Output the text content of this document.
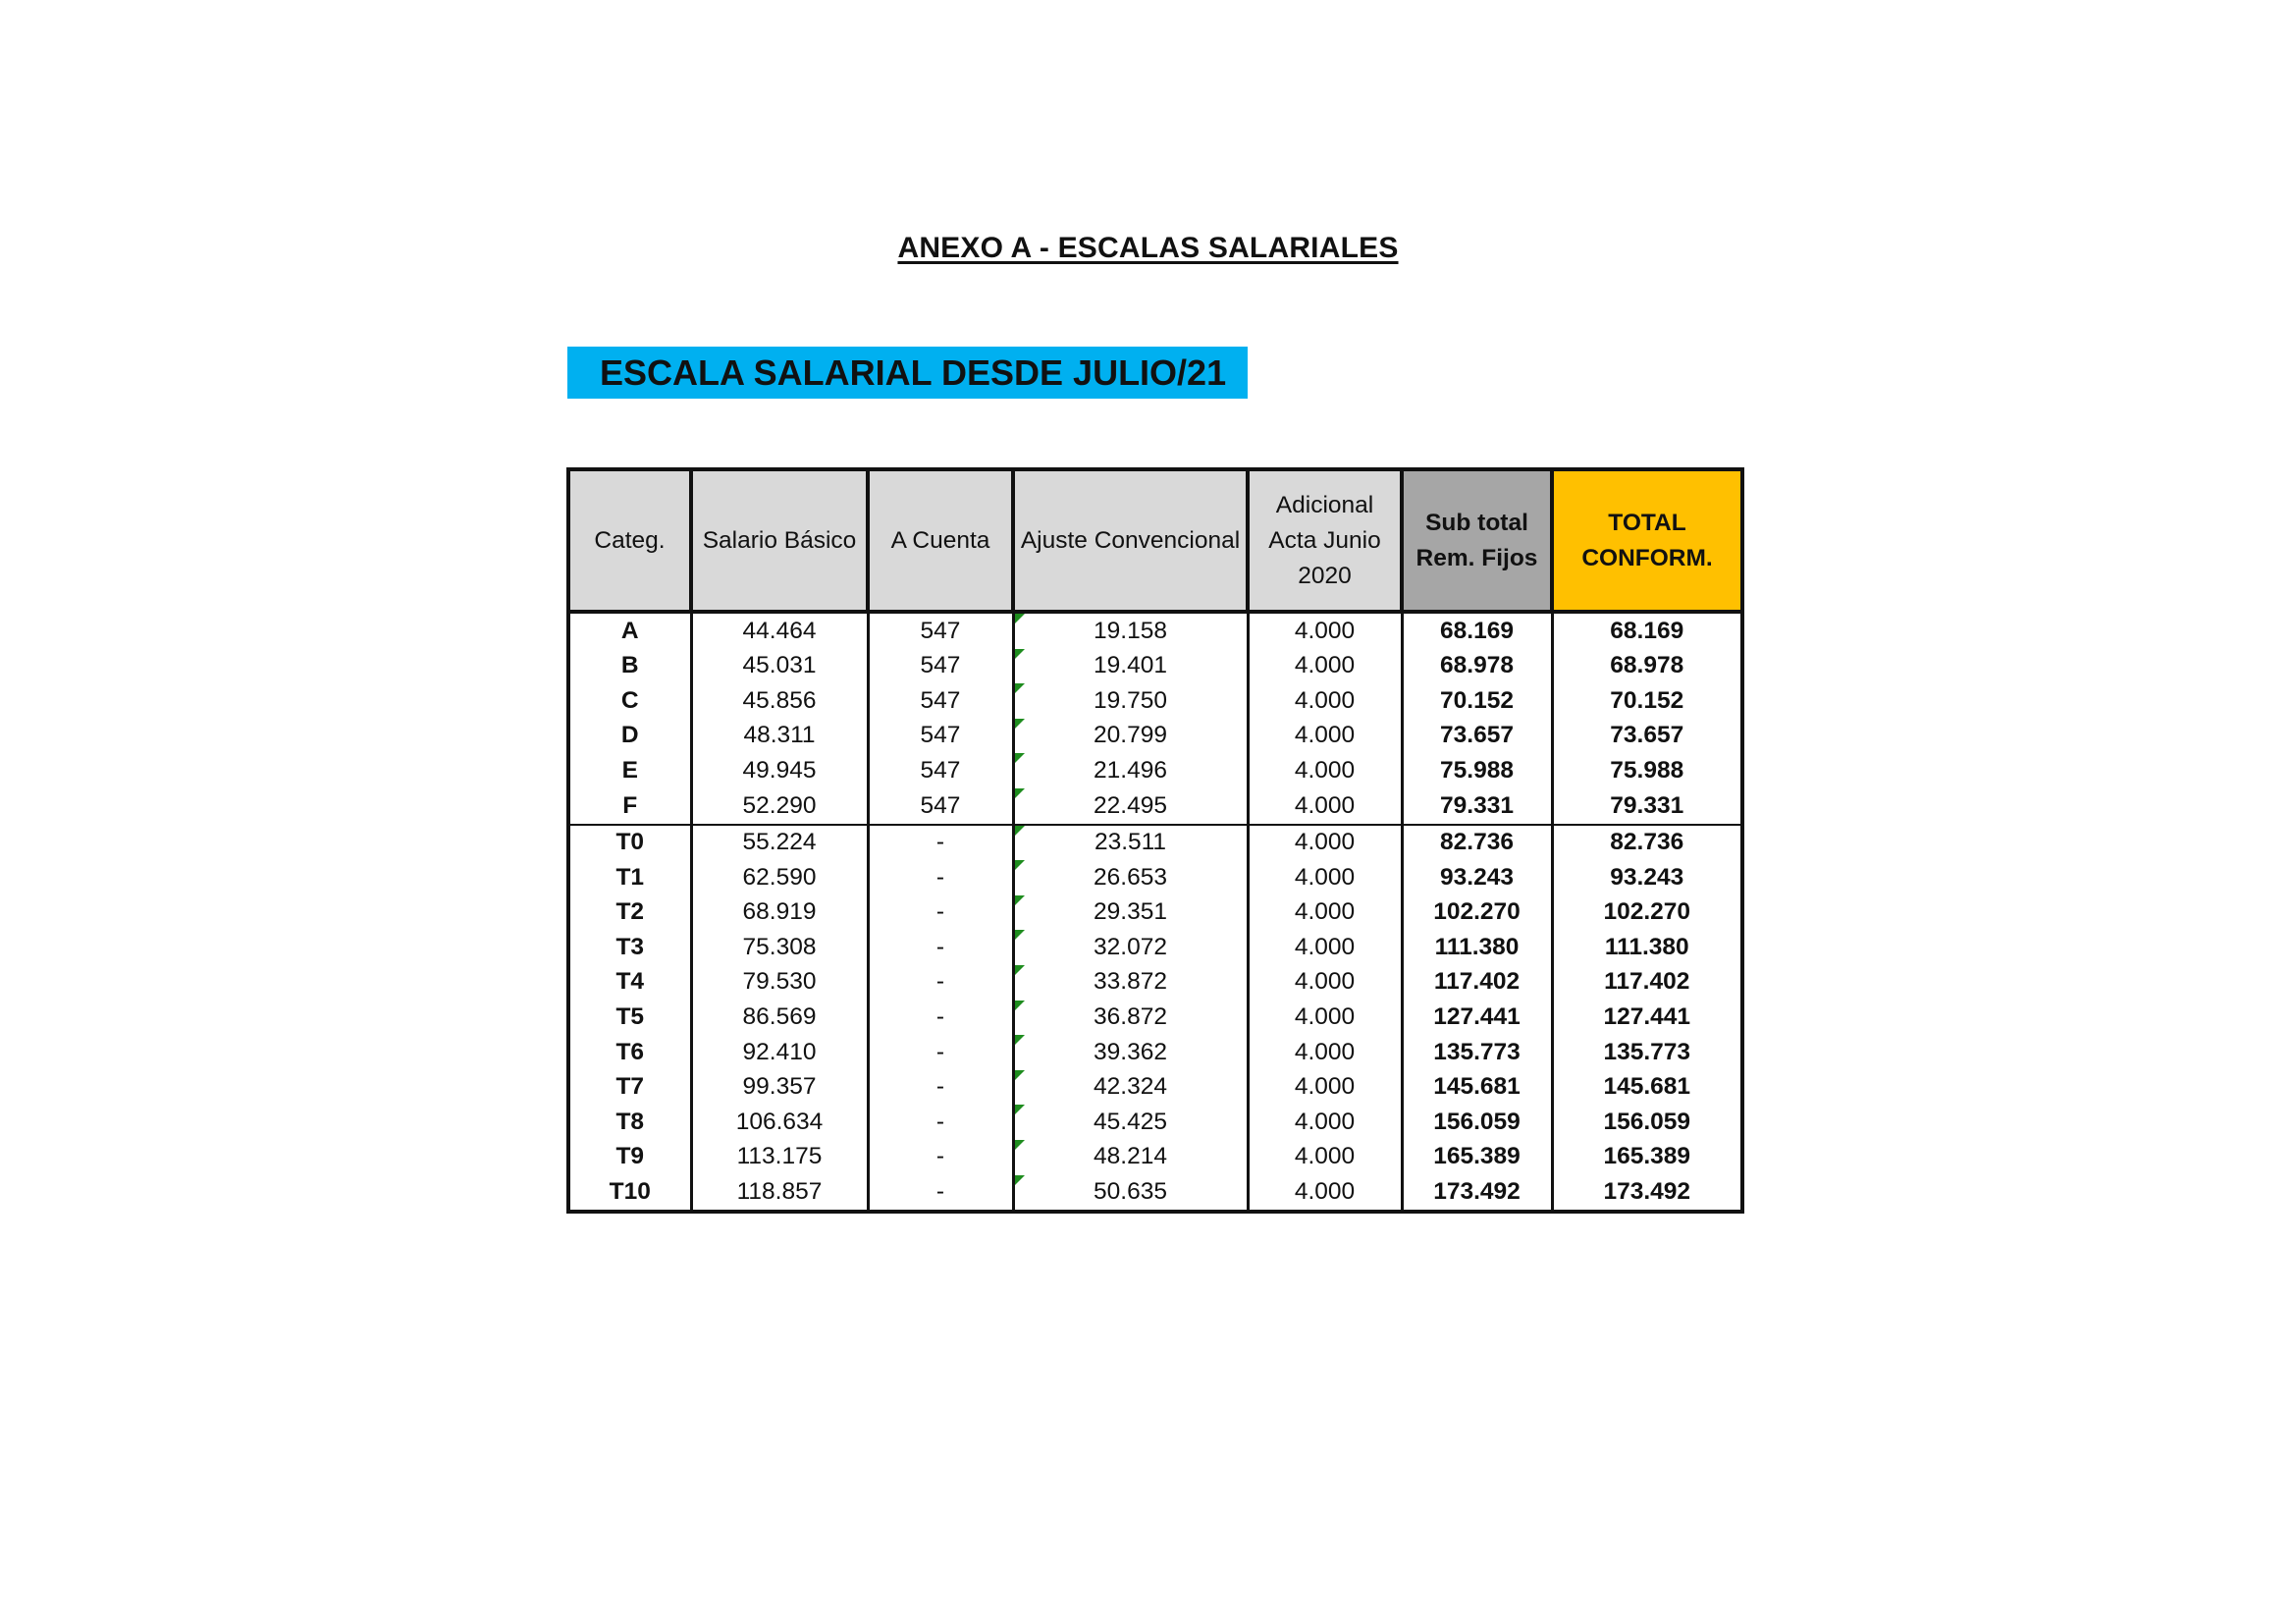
ANEXO A - ESCALAS SALARIALES
ESCALA SALARIAL DESDE JULIO/21
Categ.	Salario Básico	A Cuenta	Ajuste Convencional	Adicional Acta Junio 2020	Sub total Rem. Fijos	TOTAL CONFORM.
A	44.464	547	19.158	4.000	68.169	68.169
B	45.031	547	19.401	4.000	68.978	68.978
C	45.856	547	19.750	4.000	70.152	70.152
D	48.311	547	20.799	4.000	73.657	73.657
E	49.945	547	21.496	4.000	75.988	75.988
F	52.290	547	22.495	4.000	79.331	79.331
T0	55.224	-	23.511	4.000	82.736	82.736
T1	62.590	-	26.653	4.000	93.243	93.243
T2	68.919	-	29.351	4.000	102.270	102.270
T3	75.308	-	32.072	4.000	111.380	111.380
T4	79.530	-	33.872	4.000	117.402	117.402
T5	86.569	-	36.872	4.000	127.441	127.441
T6	92.410	-	39.362	4.000	135.773	135.773
T7	99.357	-	42.324	4.000	145.681	145.681
T8	106.634	-	45.425	4.000	156.059	156.059
T9	113.175	-	48.214	4.000	165.389	165.389
T10	118.857	-	50.635	4.000	173.492	173.492
